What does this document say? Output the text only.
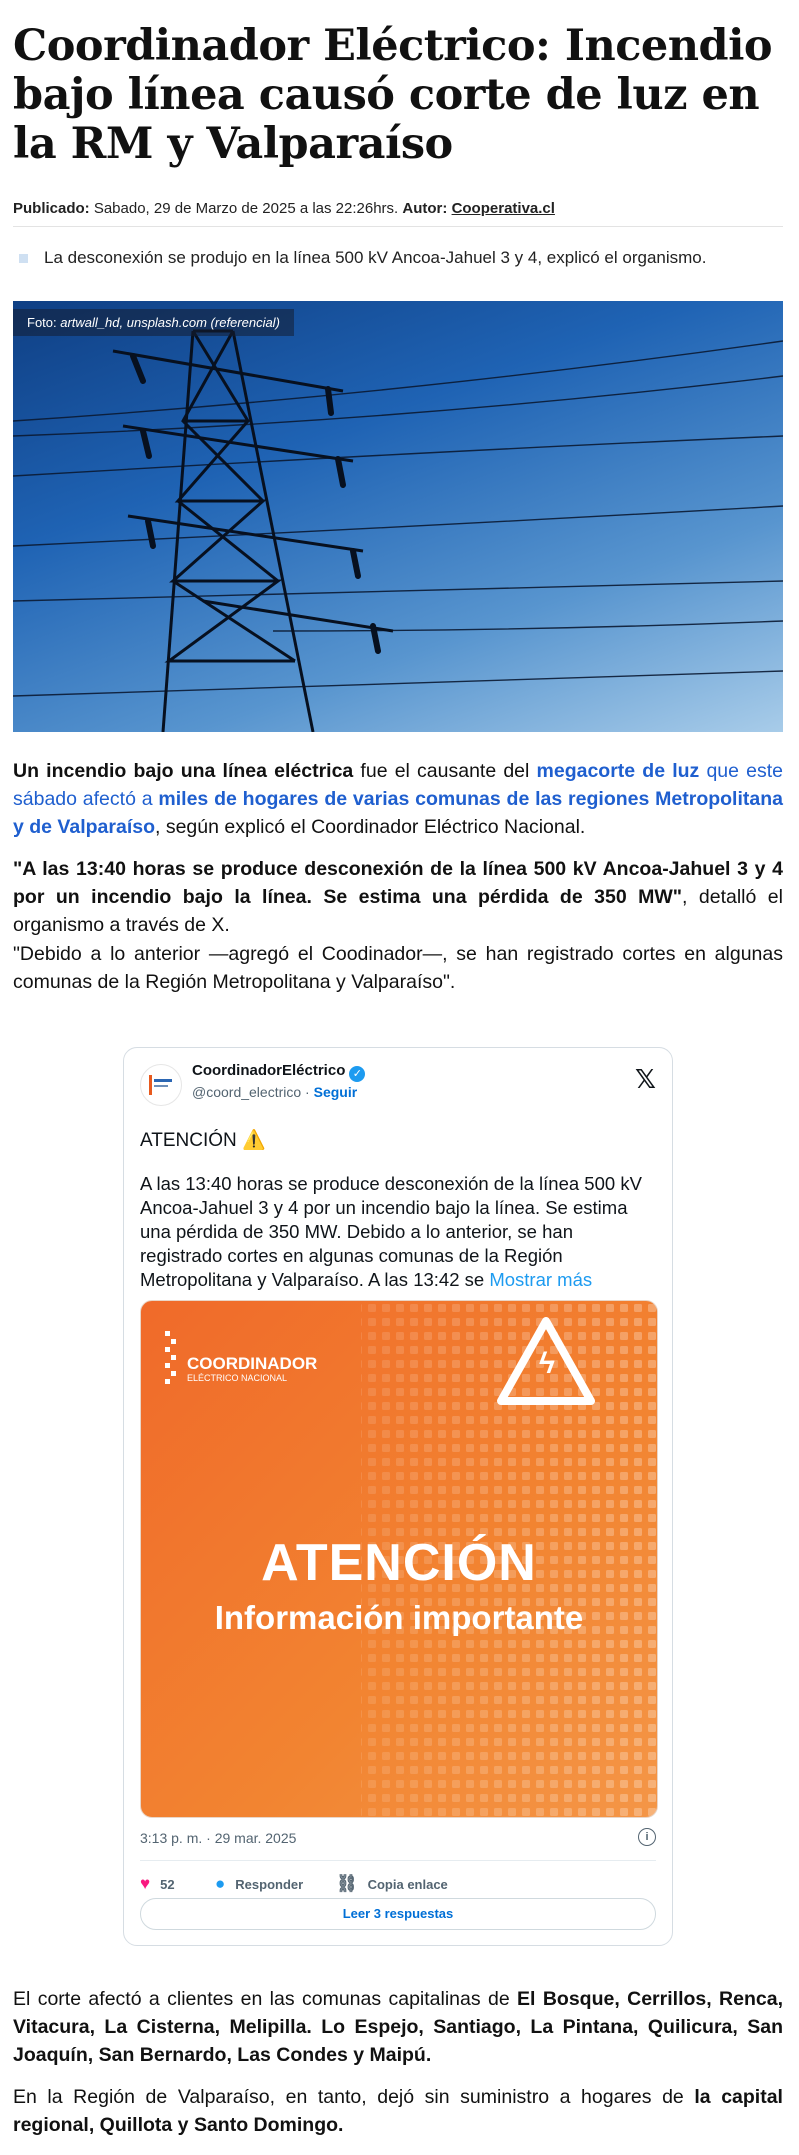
Coordinador Eléctrico: Incendio bajo línea causó corte de luz en la RM y Valparaíso
Publicado: Sabado, 29 de Marzo de 2025 a las 22:26hrs. Autor: Cooperativa.cl
La desconexión se produjo en la línea 500 kV Ancoa-Jahuel 3 y 4, explicó el organismo.
Foto: artwall_hd, unsplash.com (referencial)
Un incendio bajo una línea eléctrica fue el causante del megacorte de luz que este sábado afectó a miles de hogares de varias comunas de las regiones Metropolitana y de Valparaíso, según explicó el Coordinador Eléctrico Nacional.
"A las 13:40 horas se produce desconexión de la línea 500 kV Ancoa-Jahuel 3 y 4 por un incendio bajo la línea. Se estima una pérdida de 350 MW", detalló el organismo a través de X.
"Debido a lo anterior —agregó el Coodinador—, se han registrado cortes en algunas comunas de la Región Metropolitana y Valparaíso".
CoordinadorEléctrico ✓
@coord_electrico · Seguir	𝕏
ATENCIÓN ⚠️
A las 13:40 horas se produce desconexión de la línea 500 kV Ancoa-Jahuel 3 y 4 por un incendio bajo la línea. Se estima una pérdida de 350 MW. Debido a lo anterior, se han registrado cortes en algunas comunas de la Región Metropolitana y Valparaíso. A las 13:42 se Mostrar más
COORDINADOR
ELÉCTRICO NACIONAL	ϟ
ATENCIÓN
Información importante
3:13 p. m. · 29 mar. 2025	i
♥ 52 ● Responder ⛓ Copia enlace
Leer 3 respuestas
El corte afectó a clientes en las comunas capitalinas de El Bosque, Cerrillos, Renca, Vitacura, La Cisterna, Melipilla. Lo Espejo, Santiago, La Pintana, Quilicura, San Joaquín, San Bernardo, Las Condes y Maipú.
En la Región de Valparaíso, en tanto, dejó sin suministro a hogares de la capital regional, Quillota y Santo Domingo.
